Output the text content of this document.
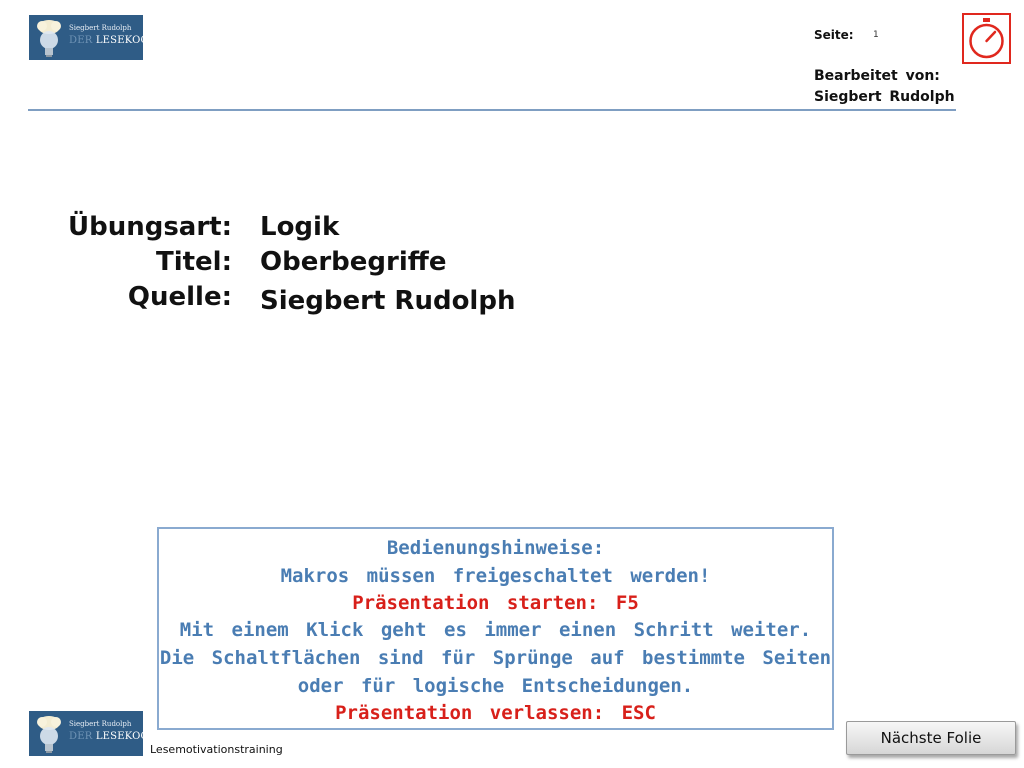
Siegbert Rudolph
DER LESEKOCH	Seite: 1
Bearbeitet von:
Siegbert Rudolph
Übungsart: Logik
Titel: Oberbegriffe
Quelle: Siegbert Rudolph
Bedienungshinweise:
Makros müssen freigeschaltet werden!
Präsentation starten: F5
Mit einem Klick geht es immer einen Schritt weiter.
Die Schaltflächen sind für Sprünge auf bestimmte Seiten
oder für logische Entscheidungen.
Präsentation verlassen: ESC
Siegbert Rudolph
DER LESEKOCH
Lesemotivationstraining
Nächste Folie
